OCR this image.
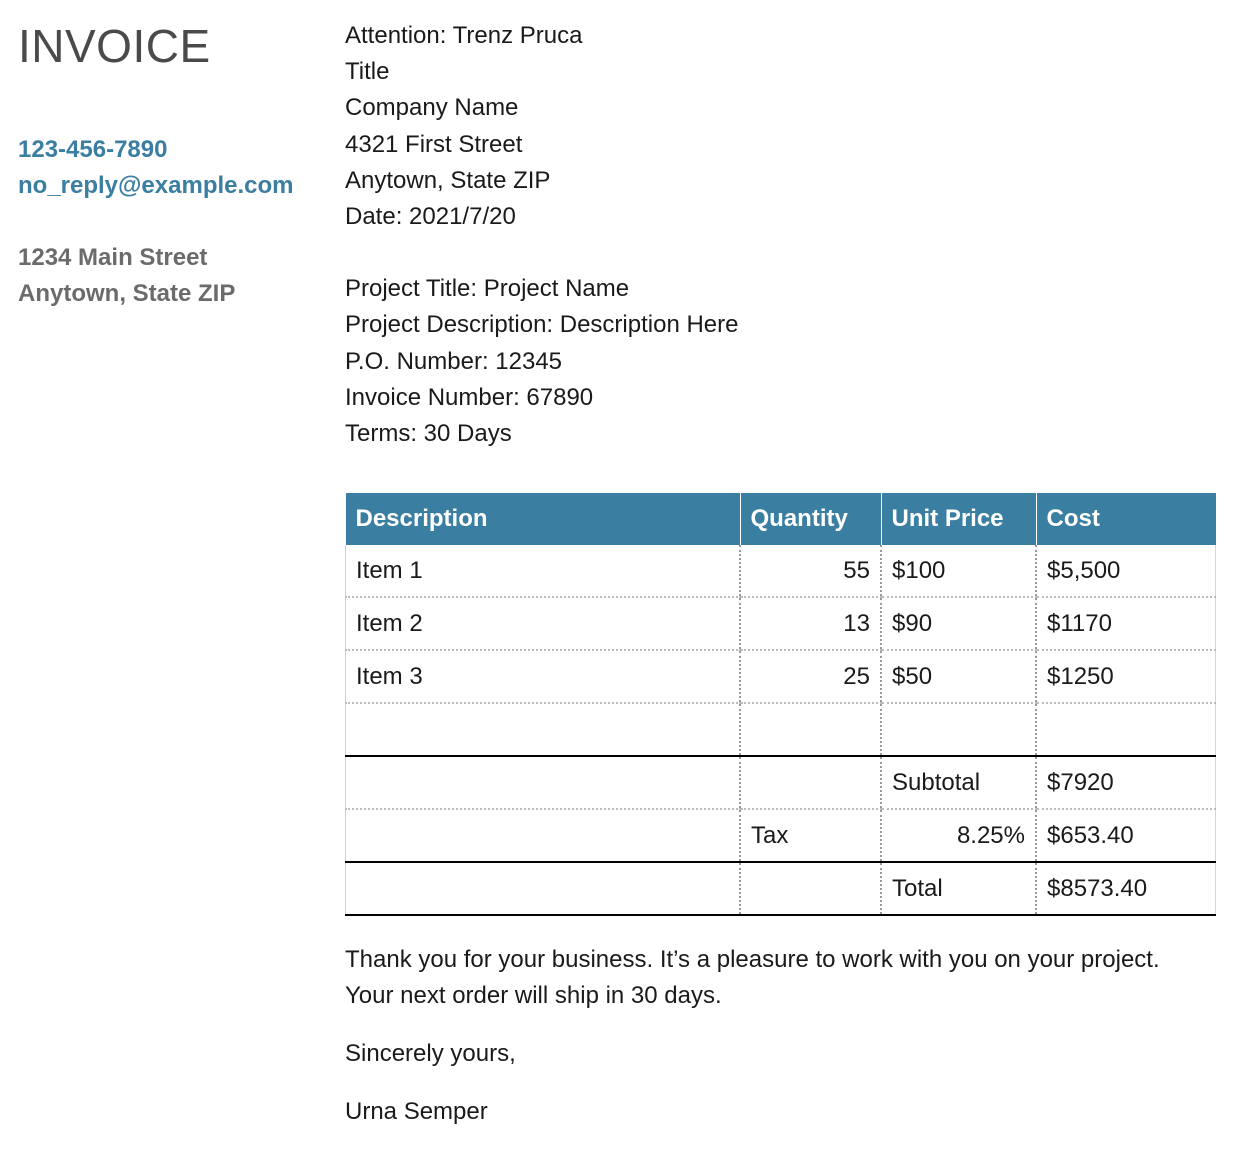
INVOICE
123-456-7890
no_reply@example.com
1234 Main Street
Anytown, State ZIP
Attention: Trenz Pruca
Title
Company Name
4321 First Street
Anytown, State ZIP
Date: 2021/7/20
Project Title: Project Name
Project Description: Description Here
P.O. Number: 12345
Invoice Number: 67890
Terms: 30 Days
Description	Quantity	Unit Price	Cost
Item 1	55	$100	$5,500
Item 2	13	$90	$1170
Item 3	25	$50	$1250

		Subtotal	$7920
	Tax	8.25%	$653.40
		Total	$8573.40

Thank you for your business. It’s a pleasure to work with you on your project.

Your next order will ship in 30 days.

Sincerely yours,

Urna Semper
